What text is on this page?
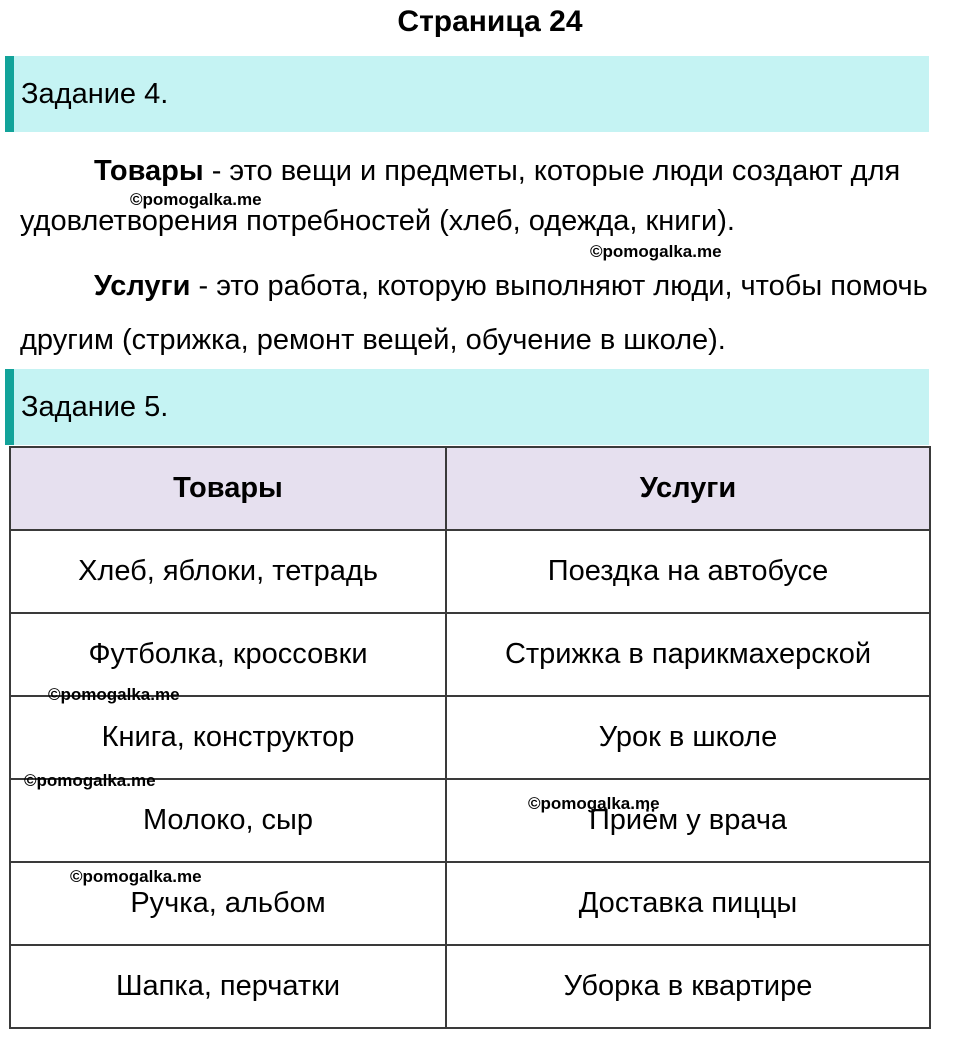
Страница 24
Задание 4.

Товары - это вещи и предметы, которые люди создают для удовлетворения потребностей (хлеб, одежда, книги).

Услуги - это работа, которую выполняют люди, чтобы помочь другим (стрижка, ремонт вещей, обучение в школе).

Задание 5.
Товары	Услуги
Хлеб, яблоки, тетрадь	Поездка на автобусе
Футболка, кроссовки	Стрижка в парикмахерской
Книга, конструктор	Урок в школе
Молоко, сыр	Приём у врача
Ручка, альбом	Доставка пиццы
Шапка, перчатки	Уборка в квартире
©pomogalka.me
©pomogalka.me
©pomogalka.me
©pomogalka.me
©pomogalka.me
©pomogalka.me
